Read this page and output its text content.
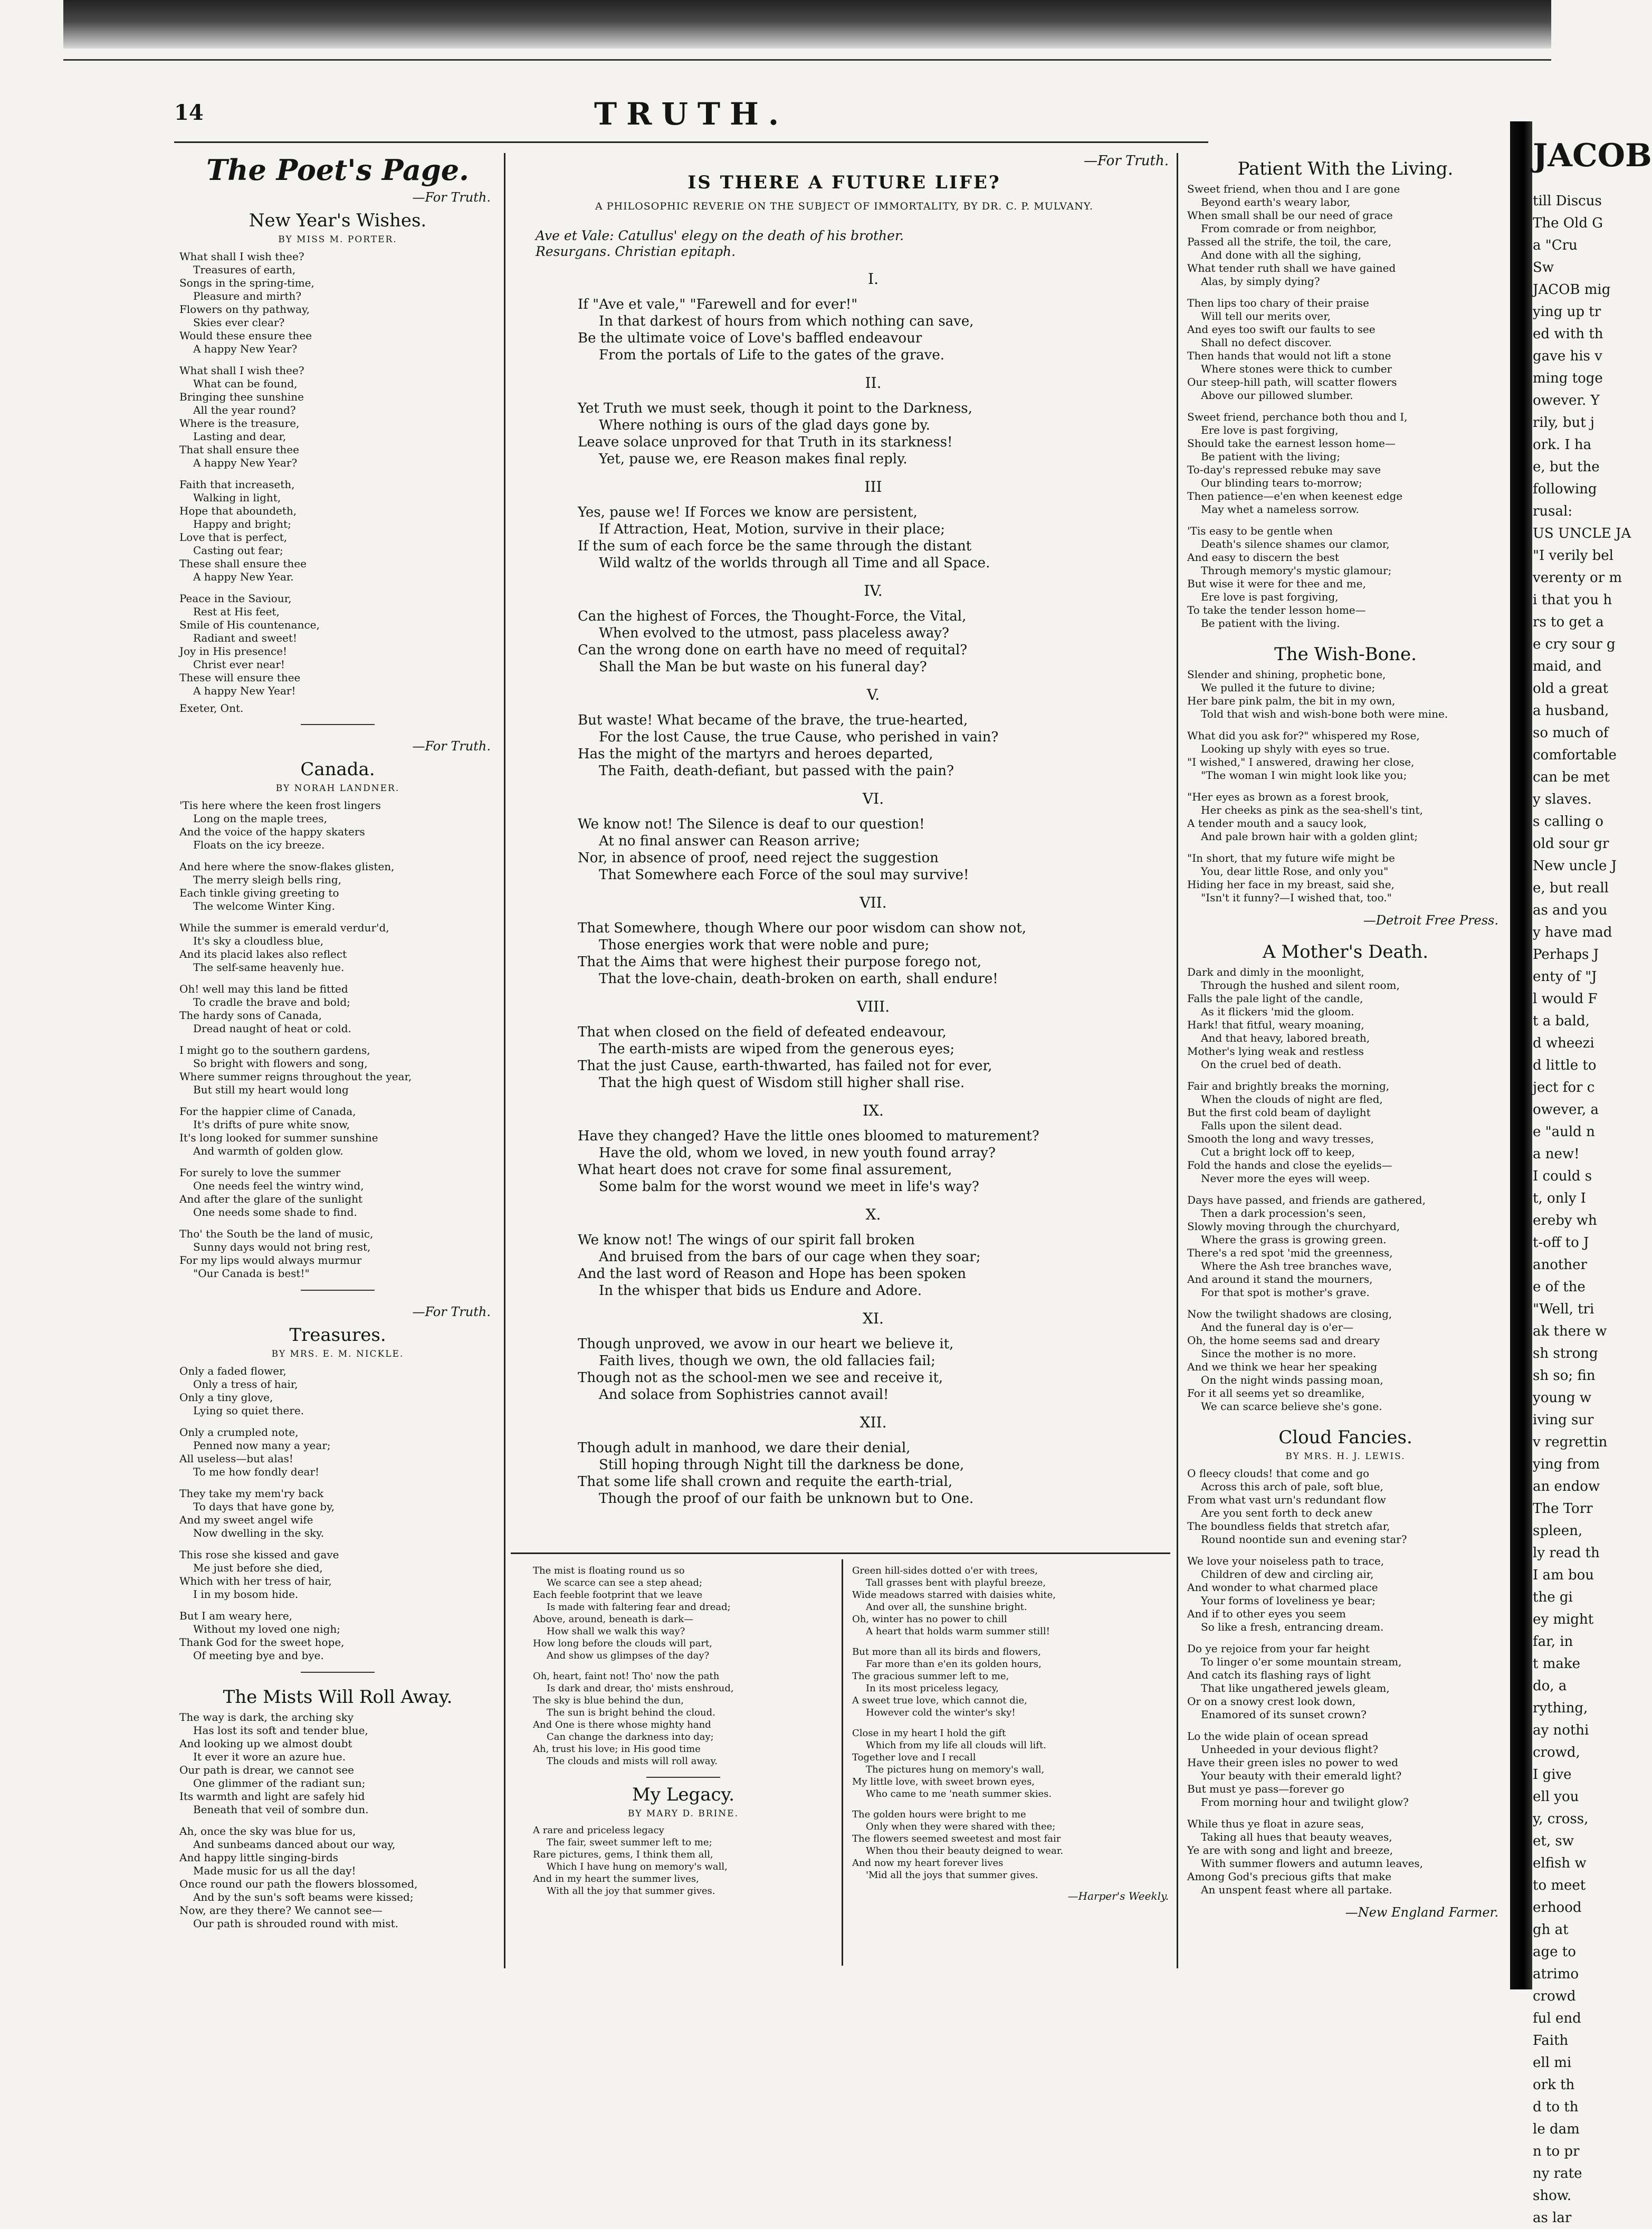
14	TRUTH.
The Poet's Page.
—For Truth.
New Year's Wishes.
BY MISS M. PORTER.
What shall I wish thee?
Treasures of earth,
Songs in the spring-time,
Pleasure and mirth?
Flowers on thy pathway,
Skies ever clear?
Would these ensure thee
A happy New Year?
What shall I wish thee?
What can be found,
Bringing thee sunshine
All the year round?
Where is the treasure,
Lasting and dear,
That shall ensure thee
A happy New Year?
Faith that increaseth,
Walking in light,
Hope that aboundeth,
Happy and bright;
Love that is perfect,
Casting out fear;
These shall ensure thee
A happy New Year.
Peace in the Saviour,
Rest at His feet,
Smile of His countenance,
Radiant and sweet!
Joy in His presence!
Christ ever near!
These will ensure thee
A happy New Year!
Exeter, Ont.
—For Truth.
Canada.
BY NORAH LANDNER.
'Tis here where the keen frost lingers
Long on the maple trees,
And the voice of the happy skaters
Floats on the icy breeze.
And here where the snow-flakes glisten,
The merry sleigh bells ring,
Each tinkle giving greeting to
The welcome Winter King.
While the summer is emerald verdur'd,
It's sky a cloudless blue,
And its placid lakes also reflect
The self-same heavenly hue.
Oh! well may this land be fitted
To cradle the brave and bold;
The hardy sons of Canada,
Dread naught of heat or cold.
I might go to the southern gardens,
So bright with flowers and song,
Where summer reigns throughout the year,
But still my heart would long
For the happier clime of Canada,
It's drifts of pure white snow,
It's long looked for summer sunshine
And warmth of golden glow.
For surely to love the summer
One needs feel the wintry wind,
And after the glare of the sunlight
One needs some shade to find.
Tho' the South be the land of music,
Sunny days would not bring rest,
For my lips would always murmur
"Our Canada is best!"
—For Truth.
Treasures.
BY MRS. E. M. NICKLE.
Only a faded flower,
Only a tress of hair,
Only a tiny glove,
Lying so quiet there.
Only a crumpled note,
Penned now many a year;
All useless—but alas!
To me how fondly dear!
They take my mem'ry back
To days that have gone by,
And my sweet angel wife
Now dwelling in the sky.
This rose she kissed and gave
Me just before she died,
Which with her tress of hair,
I in my bosom hide.
But I am weary here,
Without my loved one nigh;
Thank God for the sweet hope,
Of meeting bye and bye.
The Mists Will Roll Away.
The way is dark, the arching sky
Has lost its soft and tender blue,
And looking up we almost doubt
It ever it wore an azure hue.
Our path is drear, we cannot see
One glimmer of the radiant sun;
Its warmth and light are safely hid
Beneath that veil of sombre dun.
Ah, once the sky was blue for us,
And sunbeams danced about our way,
And happy little singing-birds
Made music for us all the day!
Once round our path the flowers blossomed,
And by the sun's soft beams were kissed;
Now, are they there? We cannot see—
Our path is shrouded round with mist.
—For Truth.
IS THERE A FUTURE LIFE?
A PHILOSOPHIC REVERIE ON THE SUBJECT OF IMMORTALITY, BY DR. C. P. MULVANY.
Ave et Vale: Catullus' elegy on the death of his brother.
Resurgans. Christian epitaph.
I.
If "Ave et vale," "Farewell and for ever!"
In that darkest of hours from which nothing can save,
Be the ultimate voice of Love's baffled endeavour
From the portals of Life to the gates of the grave.
II.
Yet Truth we must seek, though it point to the Darkness,
Where nothing is ours of the glad days gone by.
Leave solace unproved for that Truth in its starkness!
Yet, pause we, ere Reason makes final reply.
III
Yes, pause we! If Forces we know are persistent,
If Attraction, Heat, Motion, survive in their place;
If the sum of each force be the same through the distant
Wild waltz of the worlds through all Time and all Space.
IV.
Can the highest of Forces, the Thought-Force, the Vital,
When evolved to the utmost, pass placeless away?
Can the wrong done on earth have no meed of requital?
Shall the Man be but waste on his funeral day?
V.
But waste! What became of the brave, the true-hearted,
For the lost Cause, the true Cause, who perished in vain?
Has the might of the martyrs and heroes departed,
The Faith, death-defiant, but passed with the pain?
VI.
We know not! The Silence is deaf to our question!
At no final answer can Reason arrive;
Nor, in absence of proof, need reject the suggestion
That Somewhere each Force of the soul may survive!
VII.
That Somewhere, though Where our poor wisdom can show not,
Those energies work that were noble and pure;
That the Aims that were highest their purpose forego not,
That the love-chain, death-broken on earth, shall endure!
VIII.
That when closed on the field of defeated endeavour,
The earth-mists are wiped from the generous eyes;
That the just Cause, earth-thwarted, has failed not for ever,
That the high quest of Wisdom still higher shall rise.
IX.
Have they changed? Have the little ones bloomed to maturement?
Have the old, whom we loved, in new youth found array?
What heart does not crave for some final assurement,
Some balm for the worst wound we meet in life's way?
X.
We know not! The wings of our spirit fall broken
And bruised from the bars of our cage when they soar;
And the last word of Reason and Hope has been spoken
In the whisper that bids us Endure and Adore.
XI.
Though unproved, we avow in our heart we believe it,
Faith lives, though we own, the old fallacies fail;
Though not as the school-men we see and receive it,
And solace from Sophistries cannot avail!
XII.
Though adult in manhood, we dare their denial,
Still hoping through Night till the darkness be done,
That some life shall crown and requite the earth-trial,
Though the proof of our faith be unknown but to One.
The mist is floating round us so
We scarce can see a step ahead;
Each feeble footprint that we leave
Is made with faltering fear and dread;
Above, around, beneath is dark—
How shall we walk this way?
How long before the clouds will part,
And show us glimpses of the day?
Oh, heart, faint not! Tho' now the path
Is dark and drear, tho' mists enshroud,
The sky is blue behind the dun,
The sun is bright behind the cloud.
And One is there whose mighty hand
Can change the darkness into day;
Ah, trust his love; in His good time
The clouds and mists will roll away.
My Legacy.
BY MARY D. BRINE.
A rare and priceless legacy
The fair, sweet summer left to me;
Rare pictures, gems, I think them all,
Which I have hung on memory's wall,
And in my heart the summer lives,
With all the joy that summer gives.
Green hill-sides dotted o'er with trees,
Tall grasses bent with playful breeze,
Wide meadows starred with daisies white,
And over all, the sunshine bright.
Oh, winter has no power to chill
A heart that holds warm summer still!
But more than all its birds and flowers,
Far more than e'en its golden hours,
The gracious summer left to me,
In its most priceless legacy,
A sweet true love, which cannot die,
However cold the winter's sky!
Close in my heart I hold the gift
Which from my life all clouds will lift.
Together love and I recall
The pictures hung on memory's wall,
My little love, with sweet brown eyes,
Who came to me 'neath summer skies.
The golden hours were bright to me
Only when they were shared with thee;
The flowers seemed sweetest and most fair
When thou their beauty deigned to wear.
And now my heart forever lives
'Mid all the joys that summer gives.
—Harper's Weekly.
Patient With the Living.
Sweet friend, when thou and I are gone
Beyond earth's weary labor,
When small shall be our need of grace
From comrade or from neighbor,
Passed all the strife, the toil, the care,
And done with all the sighing,
What tender ruth shall we have gained
Alas, by simply dying?
Then lips too chary of their praise
Will tell our merits over,
And eyes too swift our faults to see
Shall no defect discover.
Then hands that would not lift a stone
Where stones were thick to cumber
Our steep-hill path, will scatter flowers
Above our pillowed slumber.
Sweet friend, perchance both thou and I,
Ere love is past forgiving,
Should take the earnest lesson home—
Be patient with the living;
To-day's repressed rebuke may save
Our blinding tears to-morrow;
Then patience—e'en when keenest edge
May whet a nameless sorrow.
'Tis easy to be gentle when
Death's silence shames our clamor,
And easy to discern the best
Through memory's mystic glamour;
But wise it were for thee and me,
Ere love is past forgiving,
To take the tender lesson home—
Be patient with the living.
The Wish-Bone.
Slender and shining, prophetic bone,
We pulled it the future to divine;
Her bare pink palm, the bit in my own,
Told that wish and wish-bone both were mine.
What did you ask for?" whispered my Rose,
Looking up shyly with eyes so true.
"I wished," I answered, drawing her close,
"The woman I win might look like you;
"Her eyes as brown as a forest brook,
Her cheeks as pink as the sea-shell's tint,
A tender mouth and a saucy look,
And pale brown hair with a golden glint;
"In short, that my future wife might be
You, dear little Rose, and only you"
Hiding her face in my breast, said she,
"Isn't it funny?—I wished that, too."
—Detroit Free Press.
A Mother's Death.
Dark and dimly in the moonlight,
Through the hushed and silent room,
Falls the pale light of the candle,
As it flickers 'mid the gloom.
Hark! that fitful, weary moaning,
And that heavy, labored breath,
Mother's lying weak and restless
On the cruel bed of death.
Fair and brightly breaks the morning,
When the clouds of night are fled,
But the first cold beam of daylight
Falls upon the silent dead.
Smooth the long and wavy tresses,
Cut a bright lock off to keep,
Fold the hands and close the eyelids—
Never more the eyes will weep.
Days have passed, and friends are gathered,
Then a dark procession's seen,
Slowly moving through the churchyard,
Where the grass is growing green.
There's a red spot 'mid the greenness,
Where the Ash tree branches wave,
And around it stand the mourners,
For that spot is mother's grave.
Now the twilight shadows are closing,
And the funeral day is o'er—
Oh, the home seems sad and dreary
Since the mother is no more.
And we think we hear her speaking
On the night winds passing moan,
For it all seems yet so dreamlike,
We can scarce believe she's gone.
Cloud Fancies.
BY MRS. H. J. LEWIS.
O fleecy clouds! that come and go
Across this arch of pale, soft blue,
From what vast urn's redundant flow
Are you sent forth to deck anew
The boundless fields that stretch afar,
Round noontide sun and evening star?
We love your noiseless path to trace,
Children of dew and circling air,
And wonder to what charmed place
Your forms of loveliness ye bear;
And if to other eyes you seem
So like a fresh, entrancing dream.
Do ye rejoice from your far height
To linger o'er some mountain stream,
And catch its flashing rays of light
That like ungathered jewels gleam,
Or on a snowy crest look down,
Enamored of its sunset crown?
Lo the wide plain of ocean spread
Unheeded in your devious flight?
Have their green isles no power to wed
Your beauty with their emerald light?
But must ye pass—forever go
From morning hour and twilight glow?
While thus ye float in azure seas,
Taking all hues that beauty weaves,
Ye are with song and light and breeze,
With summer flowers and autumn leaves,
Among God's precious gifts that make
An unspent feast where all partake.
—New England Farmer.
JACOB
till Discus
The Old G
a "Cru
Sw
JACOB mig
ying up tr
ed with th
gave his v
ming toge
owever. Y
rily, but j
ork. I ha
e, but the
following
rusal:
US UNCLE JA
"I verily bel
verenty or m
i that you h
rs to get a
e cry sour g
maid, and
old a great
a husband,
so much of
comfortable
can be met
y slaves.
s calling o
old sour gr
New uncle J
e, but reall
as and you
y have mad
Perhaps J
enty of "J
l would F
t a bald,
d wheezi
d little to
ject for c
owever, a
e "auld n
a new!
I could s
t, only I
ereby wh
t-off to J
another
e of the
"Well, tri
ak there w
sh strong
sh so; fin
young w
iving sur
v regrettin
ying from
an endow
The Torr
spleen,
ly read th
I am bou
the gi
ey might
far, in
t make
do, a
rything,
ay nothi
crowd,
I give
ell you
y, cross,
et, sw
elfish w
to meet
erhood
gh at
age to
atrimo
crowd
ful end
Faith
ell mi
ork th
d to th
le dam
n to pr
ny rate
show.
as lar
